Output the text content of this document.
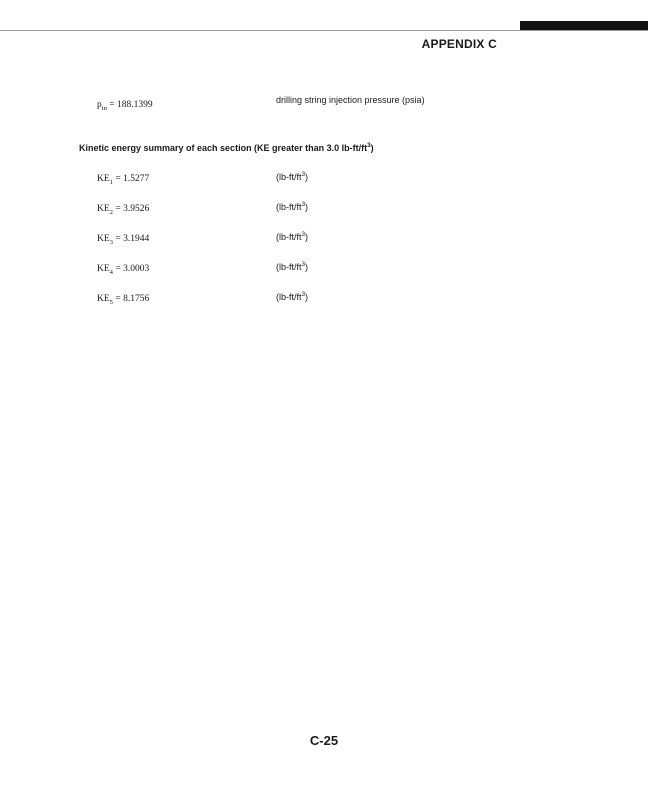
APPENDIX C
$p_{in} = 188.1399$	drilling string injection pressure (psia)
Kinetic energy summary of each section (KE greater than 3.0 $lb-ft/ft^3$)
$KE_1 = 1.5277$	$(lb-ft/ft^3)$
$KE_2 = 3.9526$	$(lb-ft/ft^3)$
$KE_3 = 3.1944$	$(lb-ft/ft^3)$
$KE_4 = 3.0003$	$(lb-ft/ft^3)$
$KE_5 = 8.1756$	$(lb-ft/ft^3)$
C-25
